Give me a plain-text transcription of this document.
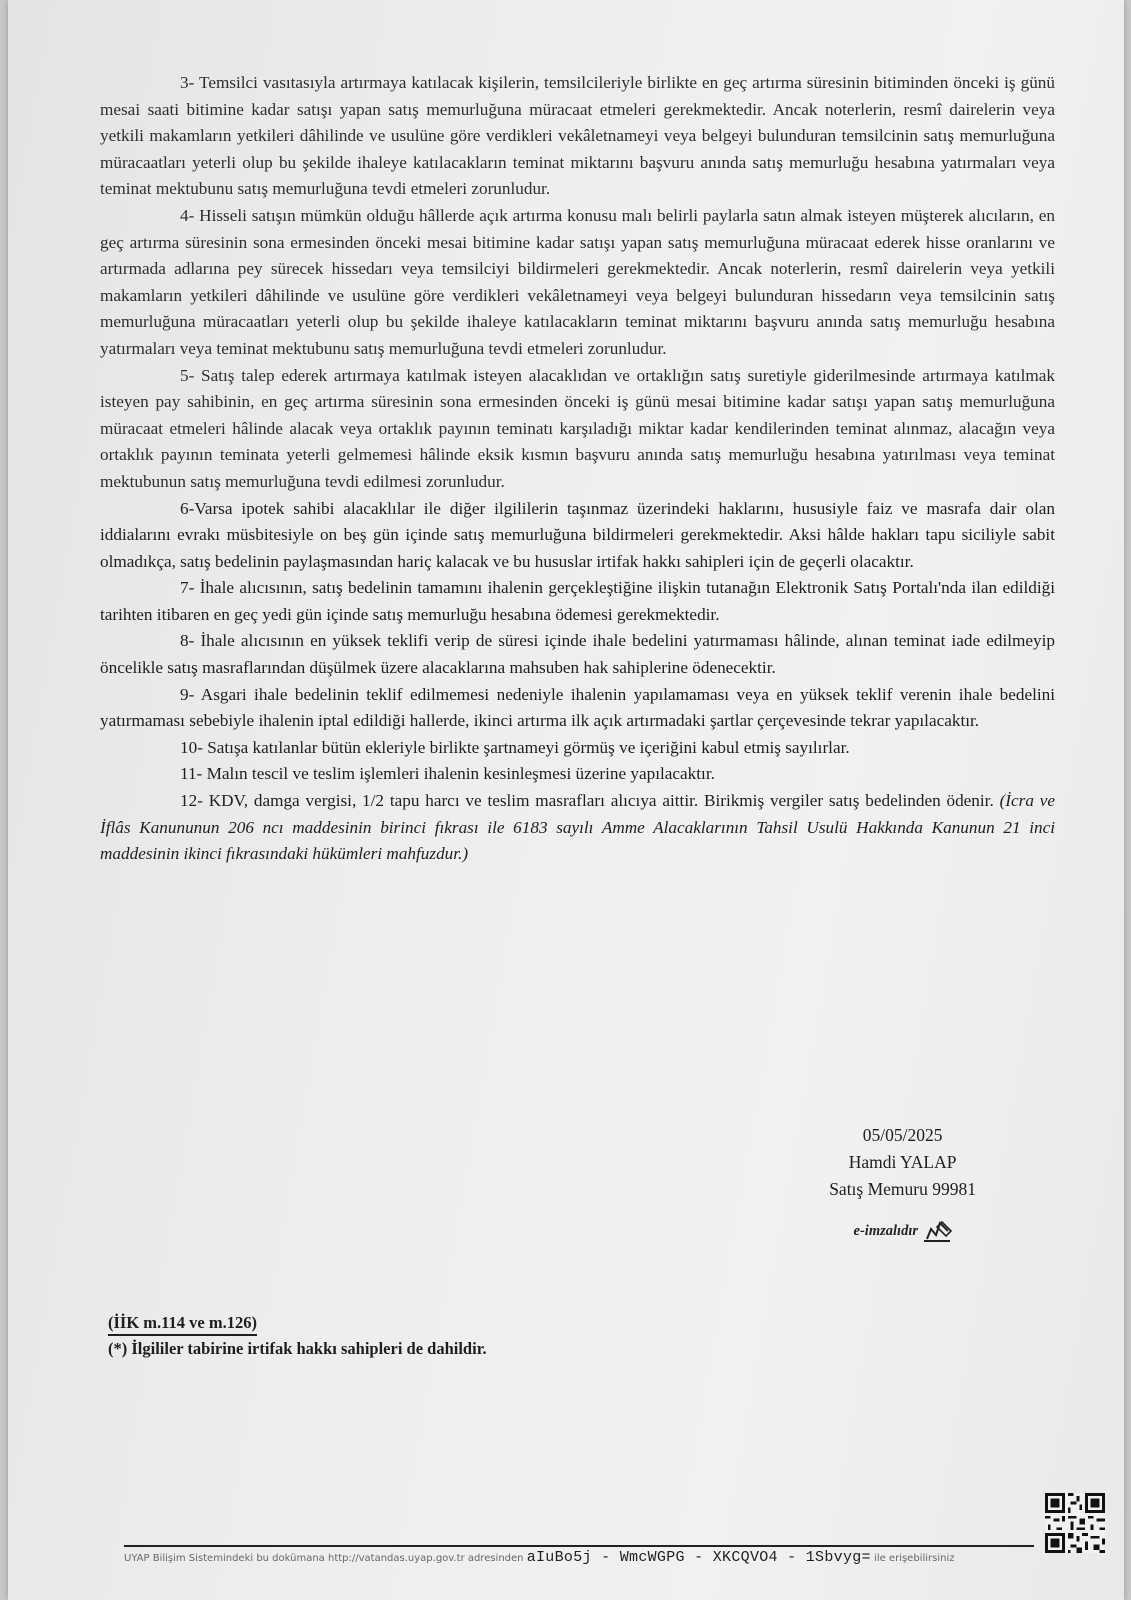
3- Temsilci vasıtasıyla artırmaya katılacak kişilerin, temsilcileriyle birlikte en geç artırma süresinin bitiminden önceki iş günü mesai saati bitimine kadar satışı yapan satış memurluğuna müracaat etmeleri gerekmektedir. Ancak noterlerin, resmî dairelerin veya yetkili makamların yetkileri dâhilinde ve usulüne göre verdikleri vekâletnameyi veya belgeyi bulunduran temsilcinin satış memurluğuna müracaatları yeterli olup bu şekilde ihaleye katılacakların teminat miktarını başvuru anında satış memurluğu hesabına yatırmaları veya teminat mektubunu satış memurluğuna tevdi etmeleri zorunludur.

4- Hisseli satışın mümkün olduğu hâllerde açık artırma konusu malı belirli paylarla satın almak isteyen müşterek alıcıların, en geç artırma süresinin sona ermesinden önceki mesai bitimine kadar satışı yapan satış memurluğuna müracaat ederek hisse oranlarını ve artırmada adlarına pey sürecek hissedarı veya temsilciyi bildirmeleri gerekmektedir. Ancak noterlerin, resmî dairelerin veya yetkili makamların yetkileri dâhilinde ve usulüne göre verdikleri vekâletnameyi veya belgeyi bulunduran hissedarın veya temsilcinin satış memurluğuna müracaatları yeterli olup bu şekilde ihaleye katılacakların teminat miktarını başvuru anında satış memurluğu hesabına yatırmaları veya teminat mektubunu satış memurluğuna tevdi etmeleri zorunludur.

5- Satış talep ederek artırmaya katılmak isteyen alacaklıdan ve ortaklığın satış suretiyle giderilmesinde artırmaya katılmak isteyen pay sahibinin, en geç artırma süresinin sona ermesinden önceki iş günü mesai bitimine kadar satışı yapan satış memurluğuna müracaat etmeleri hâlinde alacak veya ortaklık payının teminatı karşıladığı miktar kadar kendilerinden teminat alınmaz, alacağın veya ortaklık payının teminata yeterli gelmemesi hâlinde eksik kısmın başvuru anında satış memurluğu hesabına yatırılması veya teminat mektubunun satış memurluğuna tevdi edilmesi zorunludur.

6-Varsa ipotek sahibi alacaklılar ile diğer ilgililerin taşınmaz üzerindeki haklarını, hususiyle faiz ve masrafa dair olan iddialarını evrakı müsbitesiyle on beş gün içinde satış memurluğuna bildirmeleri gerekmektedir. Aksi hâlde hakları tapu siciliyle sabit olmadıkça, satış bedelinin paylaşmasından hariç kalacak ve bu hususlar irtifak hakkı sahipleri için de geçerli olacaktır.

7- İhale alıcısının, satış bedelinin tamamını ihalenin gerçekleştiğine ilişkin tutanağın Elektronik Satış Portalı'nda ilan edildiği tarihten itibaren en geç yedi gün içinde satış memurluğu hesabına ödemesi gerekmektedir.

8- İhale alıcısının en yüksek teklifi verip de süresi içinde ihale bedelini yatırmaması hâlinde, alınan teminat iade edilmeyip öncelikle satış masraflarından düşülmek üzere alacaklarına mahsuben hak sahiplerine ödenecektir.

9- Asgari ihale bedelinin teklif edilmemesi nedeniyle ihalenin yapılamaması veya en yüksek teklif verenin ihale bedelini yatırmaması sebebiyle ihalenin iptal edildiği hallerde, ikinci artırma ilk açık artırmadaki şartlar çerçevesinde tekrar yapılacaktır.

10- Satışa katılanlar bütün ekleriyle birlikte şartnameyi görmüş ve içeriğini kabul etmiş sayılırlar.

11- Malın tescil ve teslim işlemleri ihalenin kesinleşmesi üzerine yapılacaktır.

12- KDV, damga vergisi, 1/2 tapu harcı ve teslim masrafları alıcıya aittir. Birikmiş vergiler satış bedelinden ödenir. (İcra ve İflâs Kanununun 206 ncı maddesinin birinci fıkrası ile 6183 sayılı Amme Alacaklarının Tahsil Usulü Hakkında Kanunun 21 inci maddesinin ikinci fıkrasındaki hükümleri mahfuzdur.)

05/05/2025
Hamdi YALAP
Satış Memuru 99981
e-imzalıdır
(İİK m.114 ve m.126)
(*) İlgililer tabirine irtifak hakkı sahipleri de dahildir.
UYAP Bilişim Sistemindeki bu dokümana http://vatandas.uyap.gov.tr adresinden aIuBo5j - WmcWGPG - XKCQVO4 - 1Sbvyg= ile erişebilirsiniz
